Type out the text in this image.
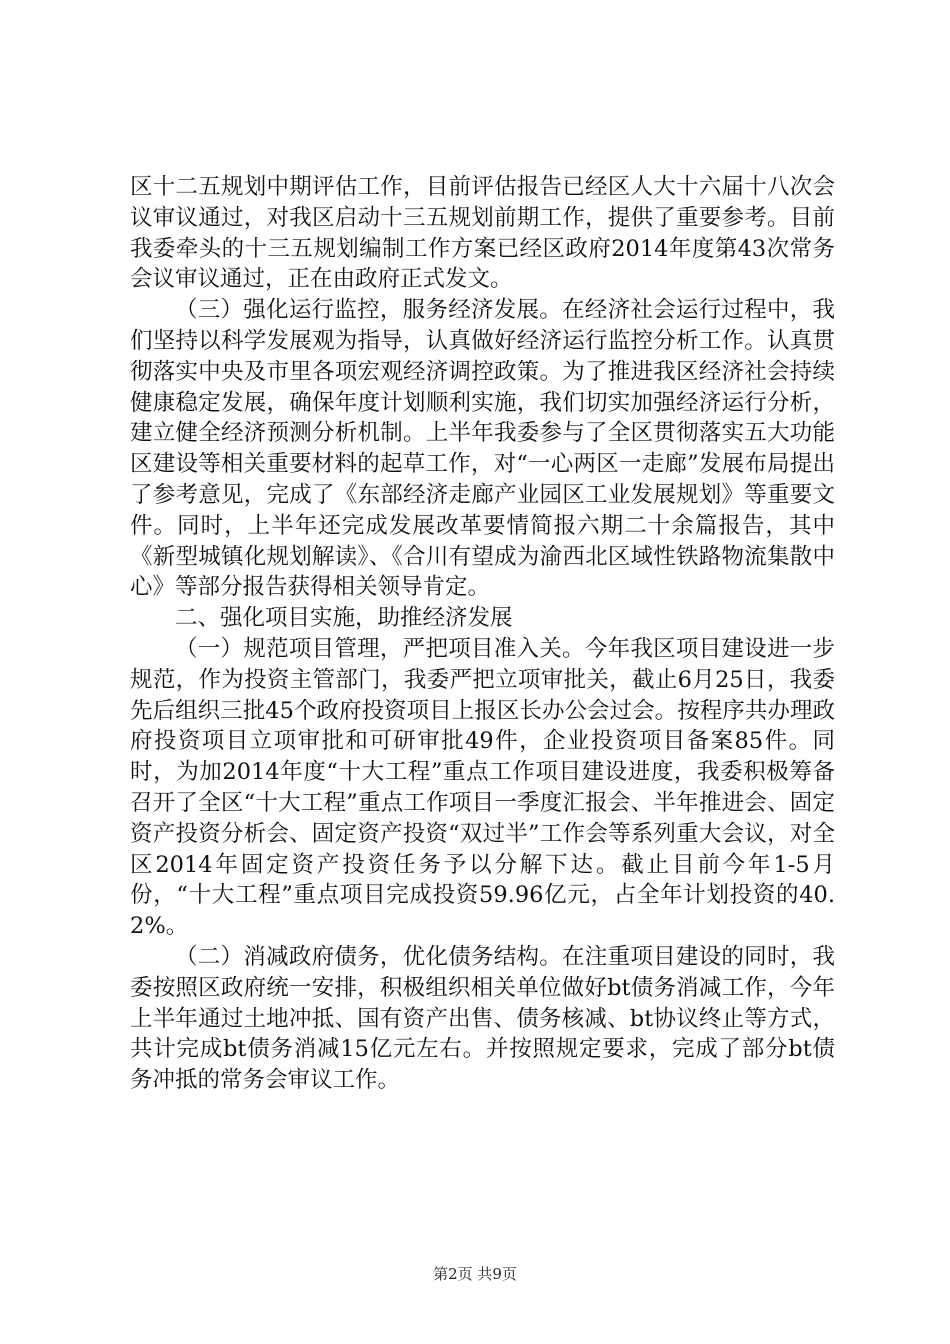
区十二五规划中期评估工作，目前评估报告已经区人大十六届十八次会议审议通过，对我区启动十三五规划前期工作，提供了重要参考。目前我委牵头的十三五规划编制工作方案已经区政府2014年度第43次常务会议审议通过，正在由政府正式发文。

（三）强化运行监控，服务经济发展。在经济社会运行过程中，我们坚持以科学发展观为指导，认真做好经济运行监控分析工作。认真贯彻落实中央及市里各项宏观经济调控政策。为了推进我区经济社会持续健康稳定发展，确保年度计划顺利实施，我们切实加强经济运行分析，建立健全经济预测分析机制。上半年我委参与了全区贯彻落实五大功能区建设等相关重要材料的起草工作，对“一心两区一走廊”发展布局提出了参考意见，完成了《东部经济走廊产业园区工业发展规划》等重要文件。同时，上半年还完成发展改革要情简报六期二十余篇报告，其中《新型城镇化规划解读》、《合川有望成为渝西北区域性铁路物流集散中心》等部分报告获得相关领导肯定。

二、强化项目实施，助推经济发展

（一）规范项目管理，严把项目准入关。今年我区项目建设进一步规范，作为投资主管部门，我委严把立项审批关，截止6月25日，我委先后组织三批45个政府投资项目上报区长办公会过会。按程序共办理政府投资项目立项审批和可研审批49件，企业投资项目备案85件。同时，为加2014年度“十大工程”重点工作项目建设进度，我委积极筹备召开了全区“十大工程”重点工作项目一季度汇报会、半年推进会、固定资产投资分析会、固定资产投资“双过半”工作会等系列重大会议，对全区2014年固定资产投资任务予以分解下达。截止目前今年1-5月份，“十大工程”重点项目完成投资59.96亿元，占全年计划投资的40.2%。

（二）消减政府债务，优化债务结构。在注重项目建设的同时，我委按照区政府统一安排，积极组织相关单位做好bt债务消减工作，今年上半年通过土地冲抵、国有资产出售、债务核减、bt协议终止等方式，共计完成bt债务消减15亿元左右。并按照规定要求，完成了部分bt债务冲抵的常务会审议工作。

第2页 共9页
